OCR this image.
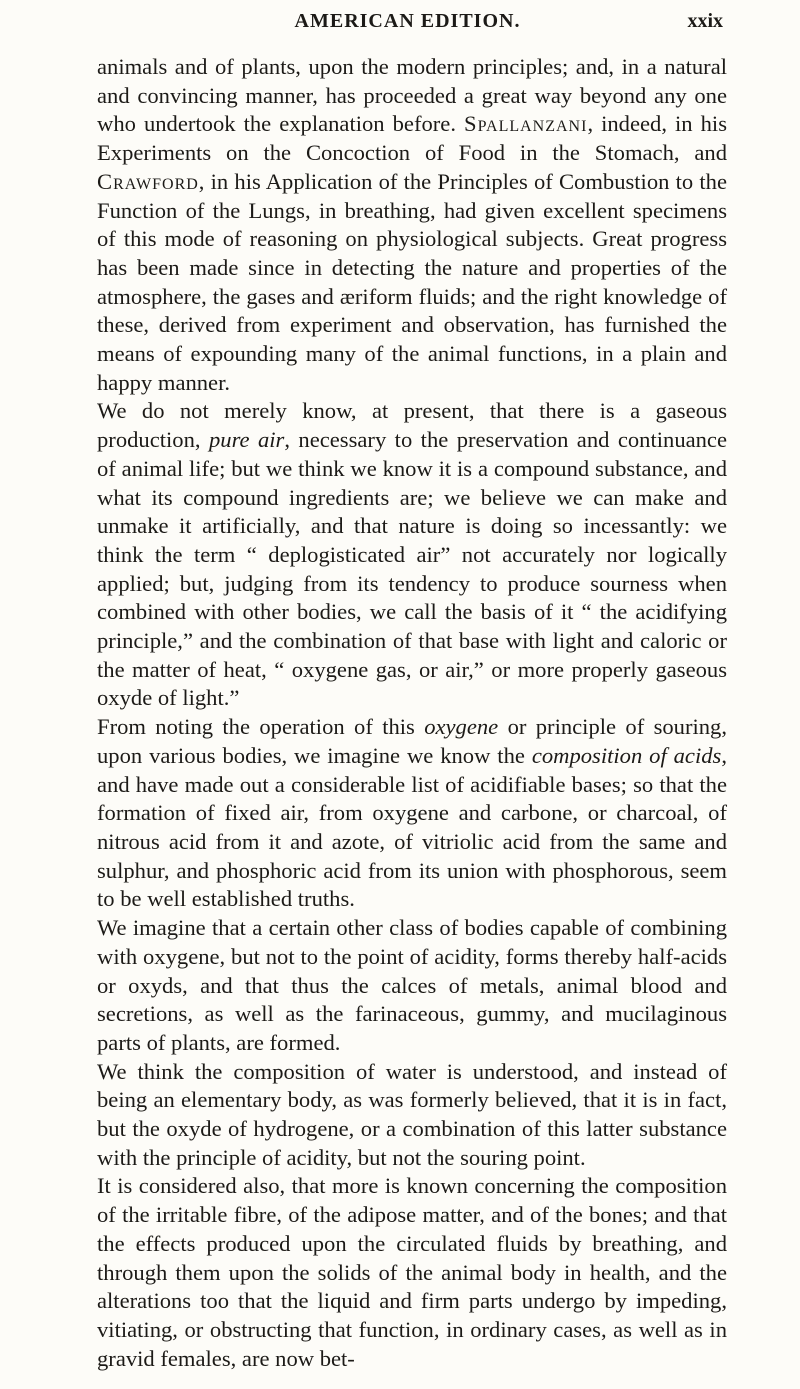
AMERICAN EDITION.	xxix

animals and of plants, upon the modern principles; and, in a natural and convincing manner, has proceeded a great way beyond any one who undertook the explanation before. Spallanzani, indeed, in his Experiments on the Concoction of Food in the Stomach, and Crawford, in his Application of the Principles of Combustion to the Function of the Lungs, in breathing, had given excellent specimens of this mode of reasoning on physiological subjects. Great progress has been made since in detecting the nature and properties of the atmosphere, the gases and æriform fluids; and the right knowledge of these, derived from experiment and observation, has furnished the means of expounding many of the animal functions, in a plain and happy manner.

We do not merely know, at present, that there is a gaseous production, pure air, necessary to the preservation and continuance of animal life; but we think we know it is a compound substance, and what its compound ingredients are; we believe we can make and unmake it artificially, and that nature is doing so incessantly: we think the term “ deplogisticated air” not accurately nor logically applied; but, judging from its tendency to produce sourness when combined with other bodies, we call the basis of it “ the acidifying principle,” and the combination of that base with light and caloric or the matter of heat, “ oxygene gas, or air,” or more properly gaseous oxyde of light.”

From noting the operation of this oxygene or principle of souring, upon various bodies, we imagine we know the composition of acids, and have made out a considerable list of acidifiable bases; so that the formation of fixed air, from oxygene and carbone, or charcoal, of nitrous acid from it and azote, of vitriolic acid from the same and sulphur, and phosphoric acid from its union with phosphorous, seem to be well established truths.

We imagine that a certain other class of bodies capable of combining with oxygene, but not to the point of acidity, forms thereby half-acids or oxyds, and that thus the calces of metals, animal blood and secretions, as well as the farinaceous, gummy, and mucilaginous parts of plants, are formed.

We think the composition of water is understood, and instead of being an elementary body, as was formerly believed, that it is in fact, but the oxyde of hydrogene, or a combination of this latter substance with the principle of acidity, but not the souring point.

It is considered also, that more is known concerning the composition of the irritable fibre, of the adipose matter, and of the bones; and that the effects produced upon the circulated fluids by breathing, and through them upon the solids of the animal body in health, and the alterations too that the liquid and firm parts undergo by impeding, vitiating, or obstructing that function, in ordinary cases, as well as in gravid females, are now bet-
